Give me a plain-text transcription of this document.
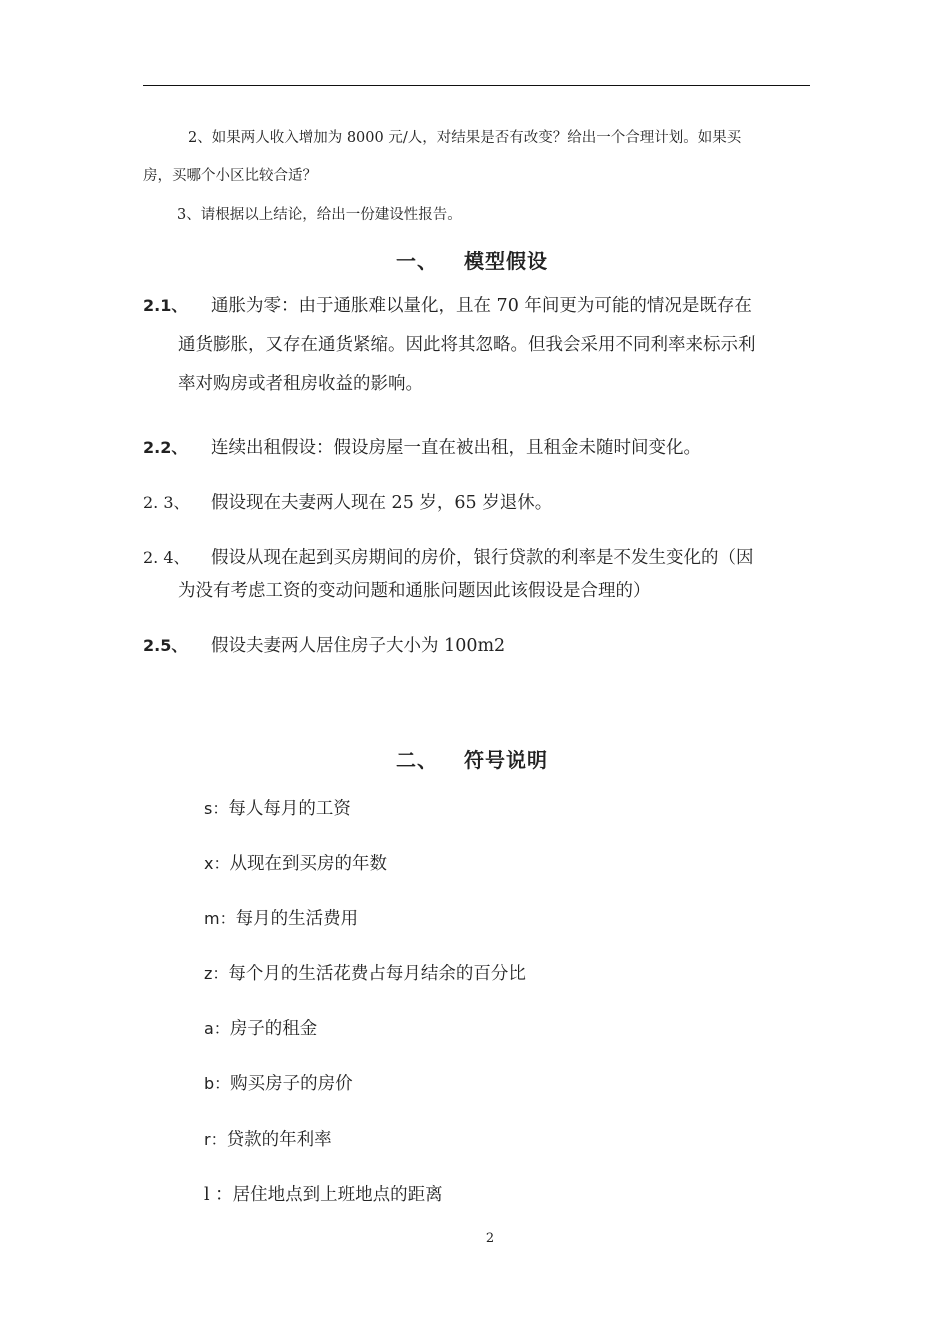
2、如果两人收入增加为 8000 元/人，对结果是否有改变？给出一个合理计划。如果买
房，买哪个小区比较合适？
3、请根据以上结论，给出一份建设性报告。
一、 模型假设
2.1、 通胀为零：由于通胀难以量化，且在 70 年间更为可能的情况是既存在
通货膨胀，又存在通货紧缩。因此将其忽略。但我会采用不同利率来标示利
率对购房或者租房收益的影响。
2.2、 连续出租假设：假设房屋一直在被出租，且租金未随时间变化。
2. 3、 假设现在夫妻两人现在 25 岁，65 岁退休。
2. 4、 假设从现在起到买房期间的房价，银行贷款的利率是不发生变化的（因
为没有考虑工资的变动问题和通胀问题因此该假设是合理的）
2.5、 假设夫妻两人居住房子大小为 100m2
二、 符号说明
s：每人每月的工资
x：从现在到买房的年数
m：每月的生活费用
z：每个月的生活花费占每月结余的百分比
a：房子的租金
b：购买房子的房价
r：贷款的年利率
l ：居住地点到上班地点的距离
2
